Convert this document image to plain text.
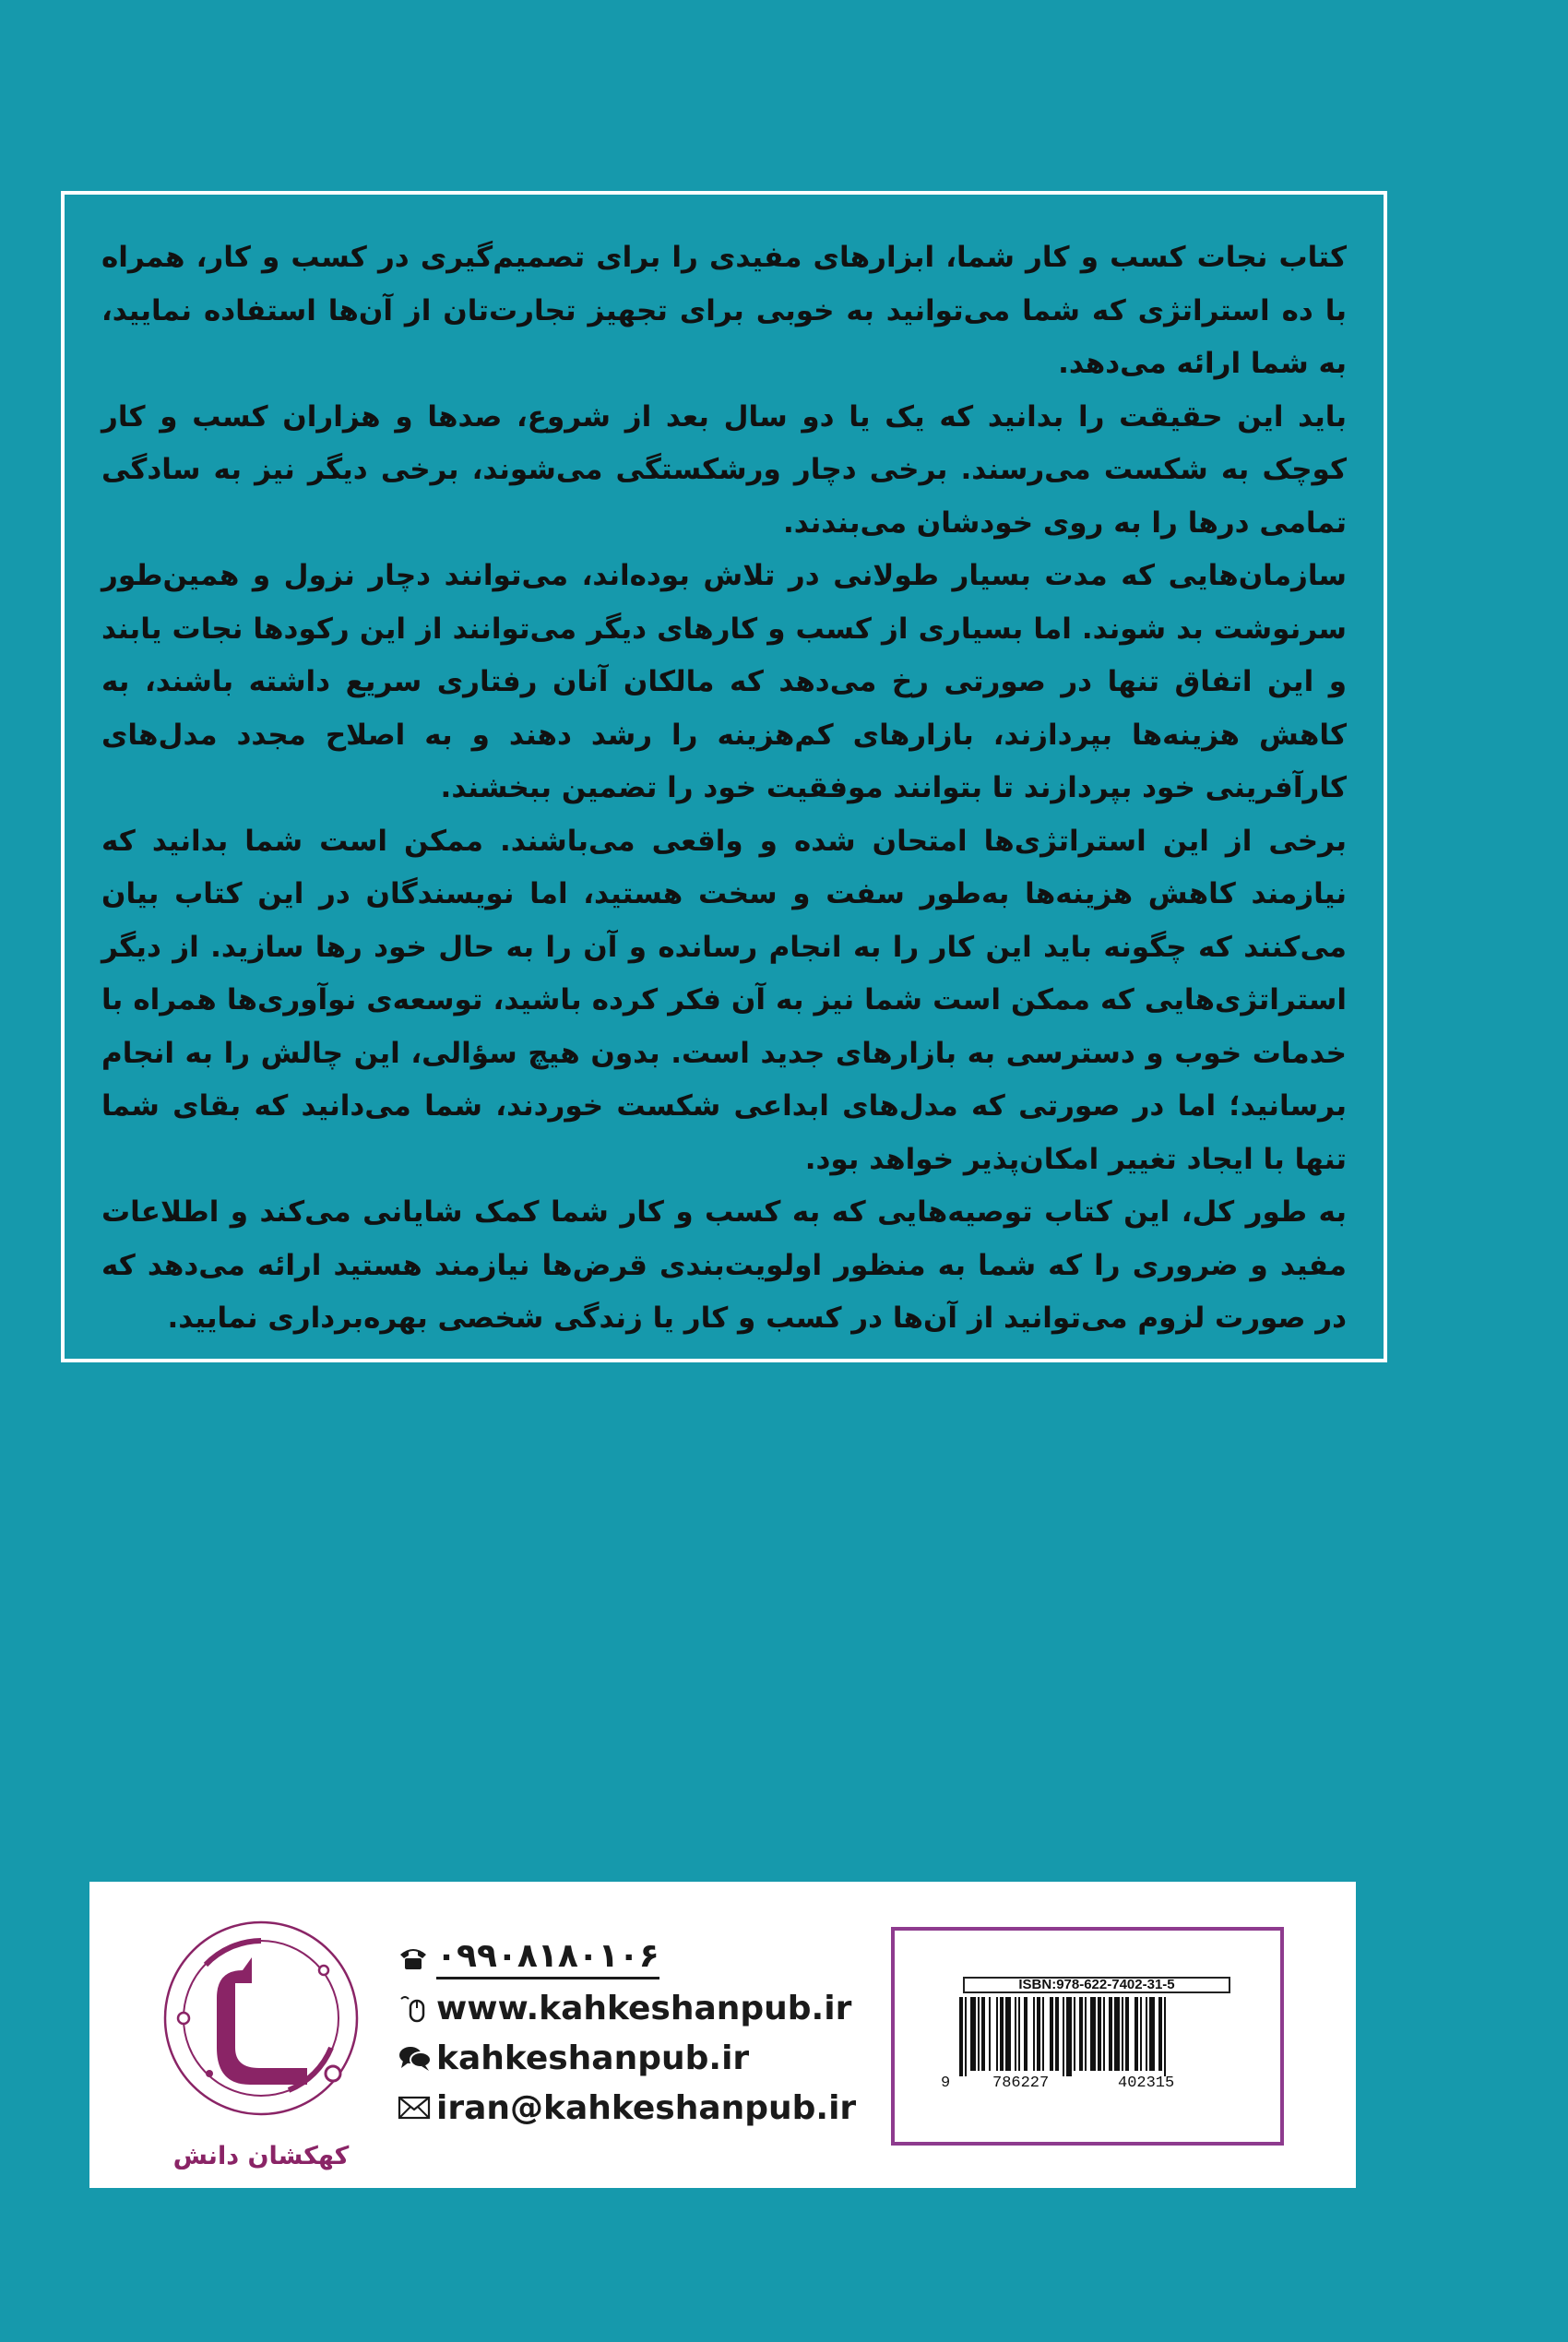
کتاب نجات کسب و کار شما، ابزارهای مفیدی را برای تصمیم‌گیری در کسب و کار، همراه با ده استراتژی که شما می‌توانید به خوبی برای تجهیز تجارت‌تان از آن‌ها استفاده نمایید، به شما ارائه می‌دهد.

باید این حقیقت را بدانید که یک یا دو سال بعد از شروع، صدها و هزاران کسب و کار کوچک به شکست می‌رسند. برخی دچار ورشکستگی می‌شوند، برخی دیگر نیز به سادگی تمامی درها را به روی خودشان می‌بندند.

سازمان‌هایی که مدت بسیار طولانی در تلاش بوده‌اند، می‌توانند دچار نزول و همین‌طور سرنوشت بد شوند. اما بسیاری از کسب و کارهای دیگر می‌توانند از این رکودها نجات یابند و این اتفاق تنها در صورتی رخ می‌دهد که مالکان آنان رفتاری سریع داشته باشند، به کاهش هزینه‌ها بپردازند، بازارهای کم‌هزینه را رشد دهند و به اصلاح مجدد مدل‌های کارآفرینی خود بپردازند تا بتوانند موفقیت خود را تضمین ببخشند.

برخی از این استراتژی‌ها امتحان شده و واقعی می‌باشند. ممکن است شما بدانید که نیازمند کاهش هزینه‌ها به‌طور سفت و سخت هستید، اما نویسندگان در این کتاب بیان می‌کنند که چگونه باید این کار را به انجام رسانده و آن را به حال خود رها سازید. از دیگر استراتژی‌هایی که ممکن است شما نیز به آن فکر کرده باشید، توسعه‌ی نوآوری‌ها همراه با خدمات خوب و دسترسی به بازارهای جدید است. بدون هیچ سؤالی، این چالش را به انجام برسانید؛ اما در صورتی که مدل‌های ابداعی شکست خوردند، شما می‌دانید که بقای شما تنها با ایجاد تغییر امکان‌پذیر خواهد بود.

به طور کل، این کتاب توصیه‌هایی که به کسب و کار شما کمک شایانی می‌کند و اطلاعات مفید و ضروری را که شما به منظور اولویت‌بندی قرض‌ها نیازمند هستید ارائه می‌دهد که در صورت لزوم می‌توانید از آن‌ها در کسب و کار یا زندگی شخصی بهره‌برداری نمایید.

کهکشان دانش
۰۹۹۰۸۱۸۰۱۰۶
www.kahkeshanpub.ir
kahkeshanpub.ir
iran@kahkeshanpub.ir
ISBN:978-622-7402-31-5
9	786227	402315
